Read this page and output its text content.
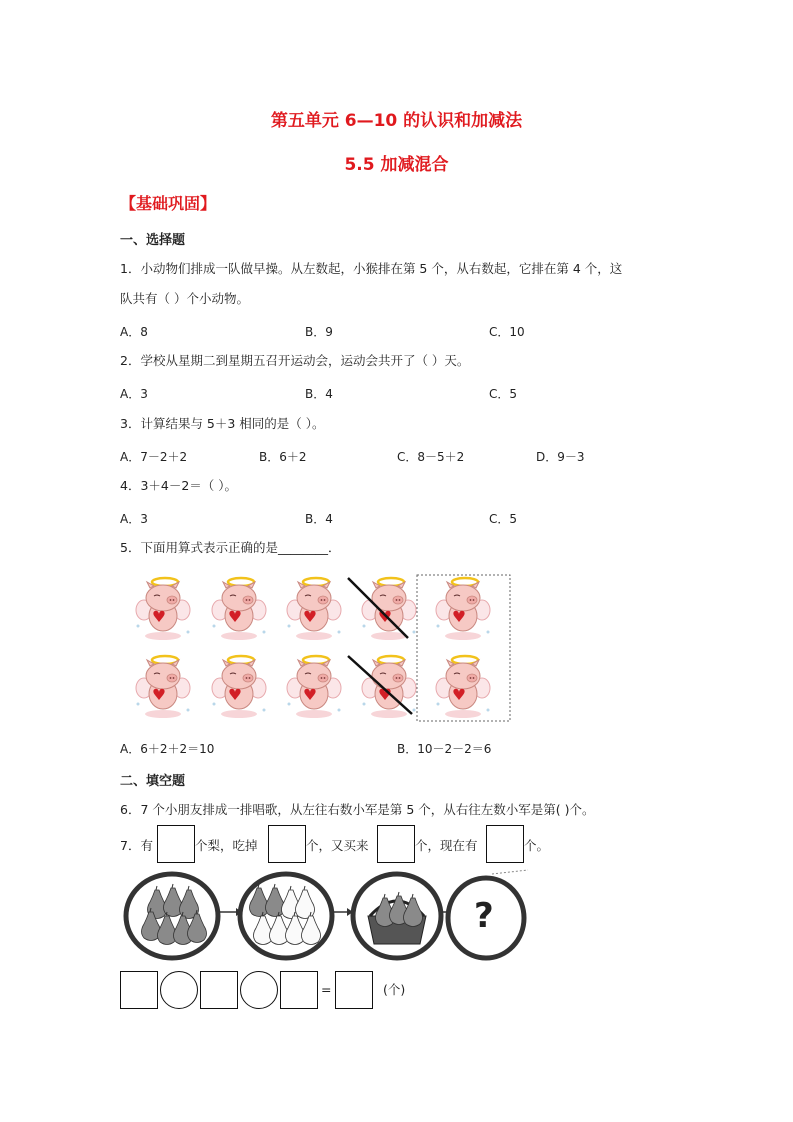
第五单元 6—10 的认识和加减法
5.5 加减混合
【基础巩固】
一、选择题
1．小动物们排成一队做早操。从左数起，小猴排在第 5 个，从右数起，它排在第 4 个，这
队共有（ ）个小动物。
A．8	B．9	C．10
2．学校从星期二到星期五召开运动会，运动会共开了（ ）天。
A．3	B．4	C．5
3．计算结果与 5＋3 相同的是（ ）。
A．7－2＋2	B．6＋2	C．8－5＋2	D．9－3
4．3＋4－2＝（ ）。
A．3	B．4	C．5
5．下面用算式表示正确的是________．
A．6＋2＋2＝10	B．10－2－2＝6
二、填空题
6．7 个小朋友排成一排唱歌，从左往右数小军是第 5 个，从右往左数小军是第( )个。
7．有	个梨，吃掉	个，又买来	个，现在有	个。
?
=	(个)
